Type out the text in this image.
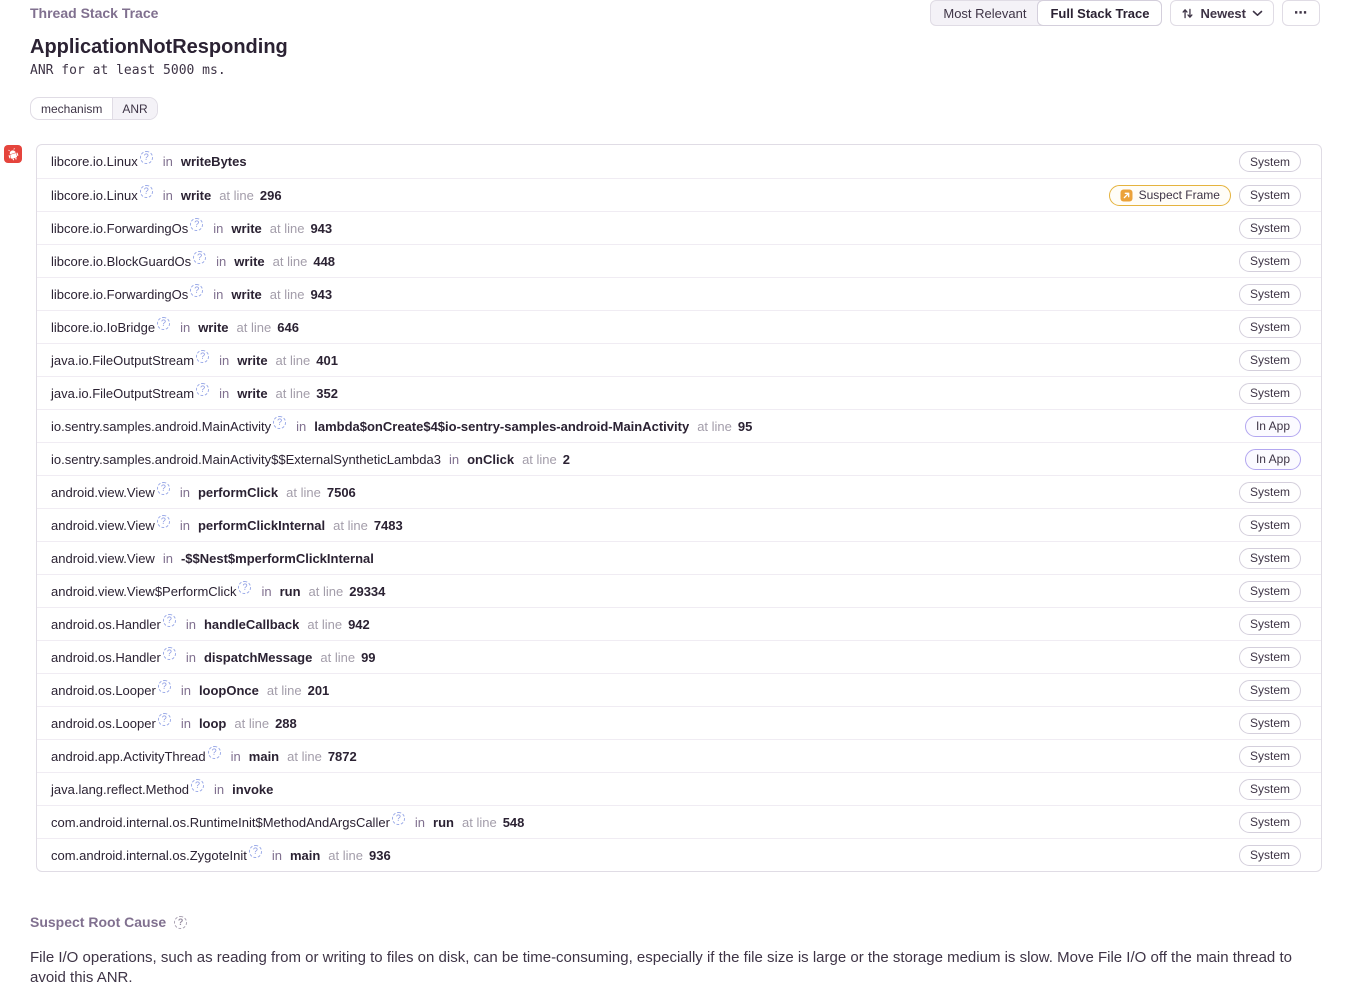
Thread Stack Trace	Most Relevant	Full Stack Trace	Newest	⋯
ApplicationNotResponding
ANR for at least 5000 ms.
mechanism	ANR
libcore.io.Linux ?	in writeBytes	System
libcore.io.Linux ?	in write at line 296	Suspect Frame	System
libcore.io.ForwardingOs ?	in write at line 943	System
libcore.io.BlockGuardOs ?	in write at line 448	System
libcore.io.ForwardingOs ?	in write at line 943	System
libcore.io.IoBridge ?	in write at line 646	System
java.io.FileOutputStream ?	in write at line 401	System
java.io.FileOutputStream ?	in write at line 352	System
io.sentry.samples.android.MainActivity ?	in lambda$onCreate$4$io-sentry-samples-android-MainActivity at line 95	In App
io.sentry.samples.android.MainActivity$$ExternalSyntheticLambda3 in onClick at line 2	In App
android.view.View ?	in performClick at line 7506	System
android.view.View ?	in performClickInternal at line 7483	System
android.view.View in -$$Nest$mperformClickInternal	System
android.view.View$PerformClick ?	in run at line 29334	System
android.os.Handler ?	in handleCallback at line 942	System
android.os.Handler ?	in dispatchMessage at line 99	System
android.os.Looper ?	in loopOnce at line 201	System
android.os.Looper ?	in loop at line 288	System
android.app.ActivityThread ?	in main at line 7872	System
java.lang.reflect.Method ?	in invoke	System
com.android.internal.os.RuntimeInit$MethodAndArgsCaller ?	in run at line 548	System
com.android.internal.os.ZygoteInit ?	in main at line 936	System
Suspect Root Cause	?
File I/O operations, such as reading from or writing to files on disk, can be time-consuming, especially if the file size is large or the storage medium is slow. Move File I/O off the main thread to avoid this ANR.
